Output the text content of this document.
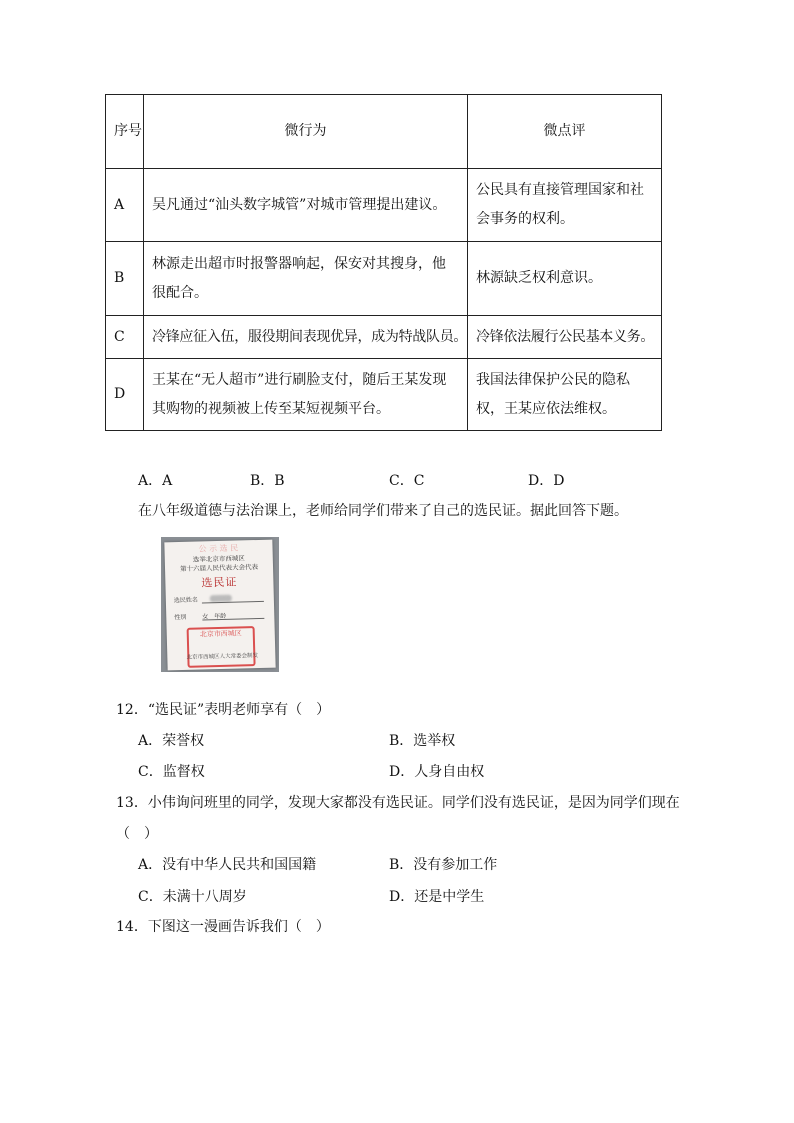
序号	微行为	微点评
A	吴凡通过“汕头数字城管”对城市管理提出建议。	公民具有直接管理国家和社会事务的权利。
B	林源走出超市时报警器响起，保安对其搜身，他很配合。	林源缺乏权利意识。
C	冷锋应征入伍，服役期间表现优异，成为特战队员。	冷锋依法履行公民基本义务。
D	王某在“无人超市”进行刷脸支付，随后王某发现其购物的视频被上传至某短视频平台。	我国法律保护公民的隐私权，王某应依法维权。
A．A	B．B	C．C	D．D
在八年级道德与法治课上，老师给同学们带来了自己的选民证。据此回答下题。
公 示 选 民
选举北京市西城区
第十六届人民代表大会代表
选民证
选民姓名
性别	女 年龄
北京市西城区
北京市西城区人大常委会制发
12．“选民证”表明老师享有（　）
A．荣誉权	B．选举权
C．监督权	D．人身自由权
13．小伟询问班里的同学，发现大家都没有选民证。同学们没有选民证，是因为同学们现在
（　）
A．没有中华人民共和国国籍	B．没有参加工作
C．未满十八周岁	D．还是中学生
14．下图这一漫画告诉我们（　）
